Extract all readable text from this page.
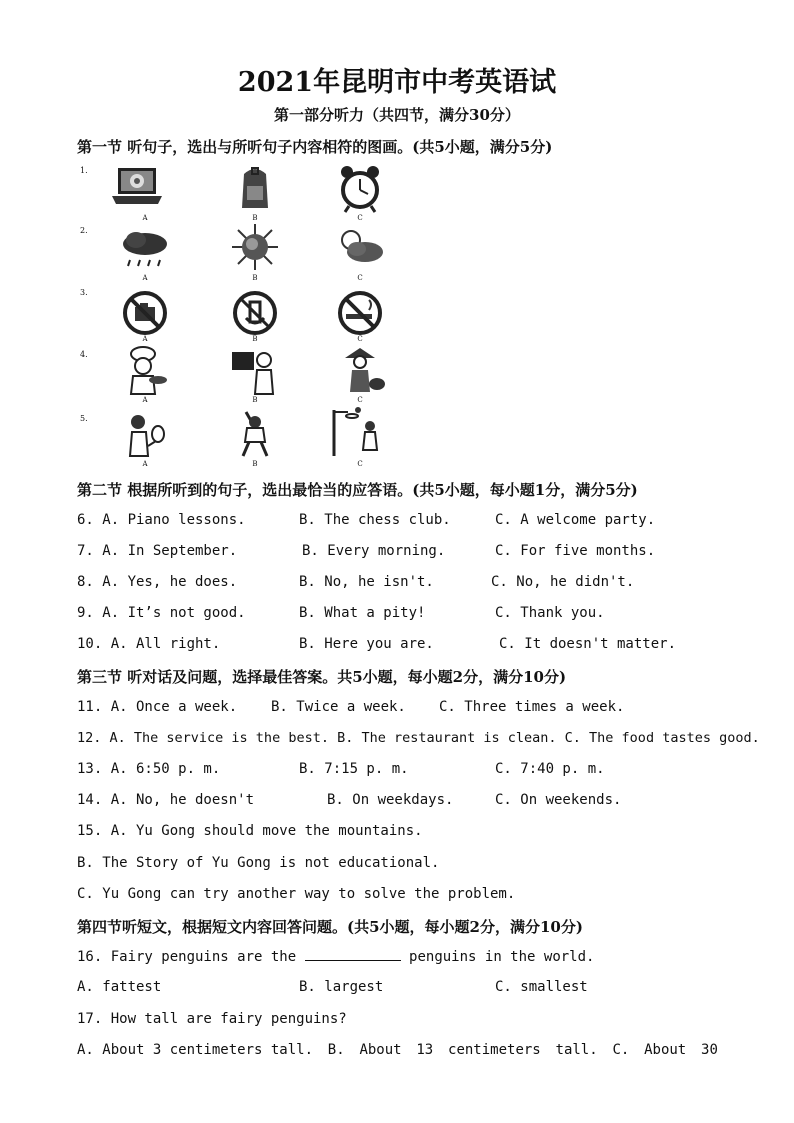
2021年昆明市中考英语试
第一部分听力（共四节，满分30分）
第一节 听句子，选出与所听句子内容相符的图画。(共5小题，满分5分)
1.
A	B	C
2.
A	B	C
3.
A	B	C
4.
A	B	C
5.
A	B	C
第二节 根据所听到的句子，选出最恰当的应答语。(共5小题，每小题1分，满分5分)
6. A. Piano lessons.	B. The chess club.	C. A welcome party.
7. A. In September.	B. Every morning.	C. For five months.
8. A. Yes, he does.	B. No, he isn't.	C. No, he didn't.
9. A. It’s not good.	B. What a pity!	C. Thank you.
10. A. All right.	B. Here you are.	C. It doesn't matter.
第三节 听对话及问题，选择最佳答案。共5小题，每小题2分，满分10分)
11. A. Once a week. B. Twice a week. C. Three times a week.
12. A. The service is the best. B. The restaurant is clean. C. The food tastes good.
13. A. 6:50 p. m.	B. 7:15 p. m.	C. 7:40 p. m.
14. A. No, he doesn't	B. On weekdays.	C. On weekends.
15. A. Yu Gong should move the mountains.
B. The Story of Yu Gong is not educational.
C. Yu Gong can try another way to solve the problem.
第四节听短文，根据短文内容回答问题。(共5小题，每小题2分，满分10分)
16. Fairy penguins are the	penguins in the world.
A. fattest	B. largest	C. smallest
17. How tall are fairy penguins?
A. About 3 centimeters tall. B. About 13 centimeters tall. C. About 30
